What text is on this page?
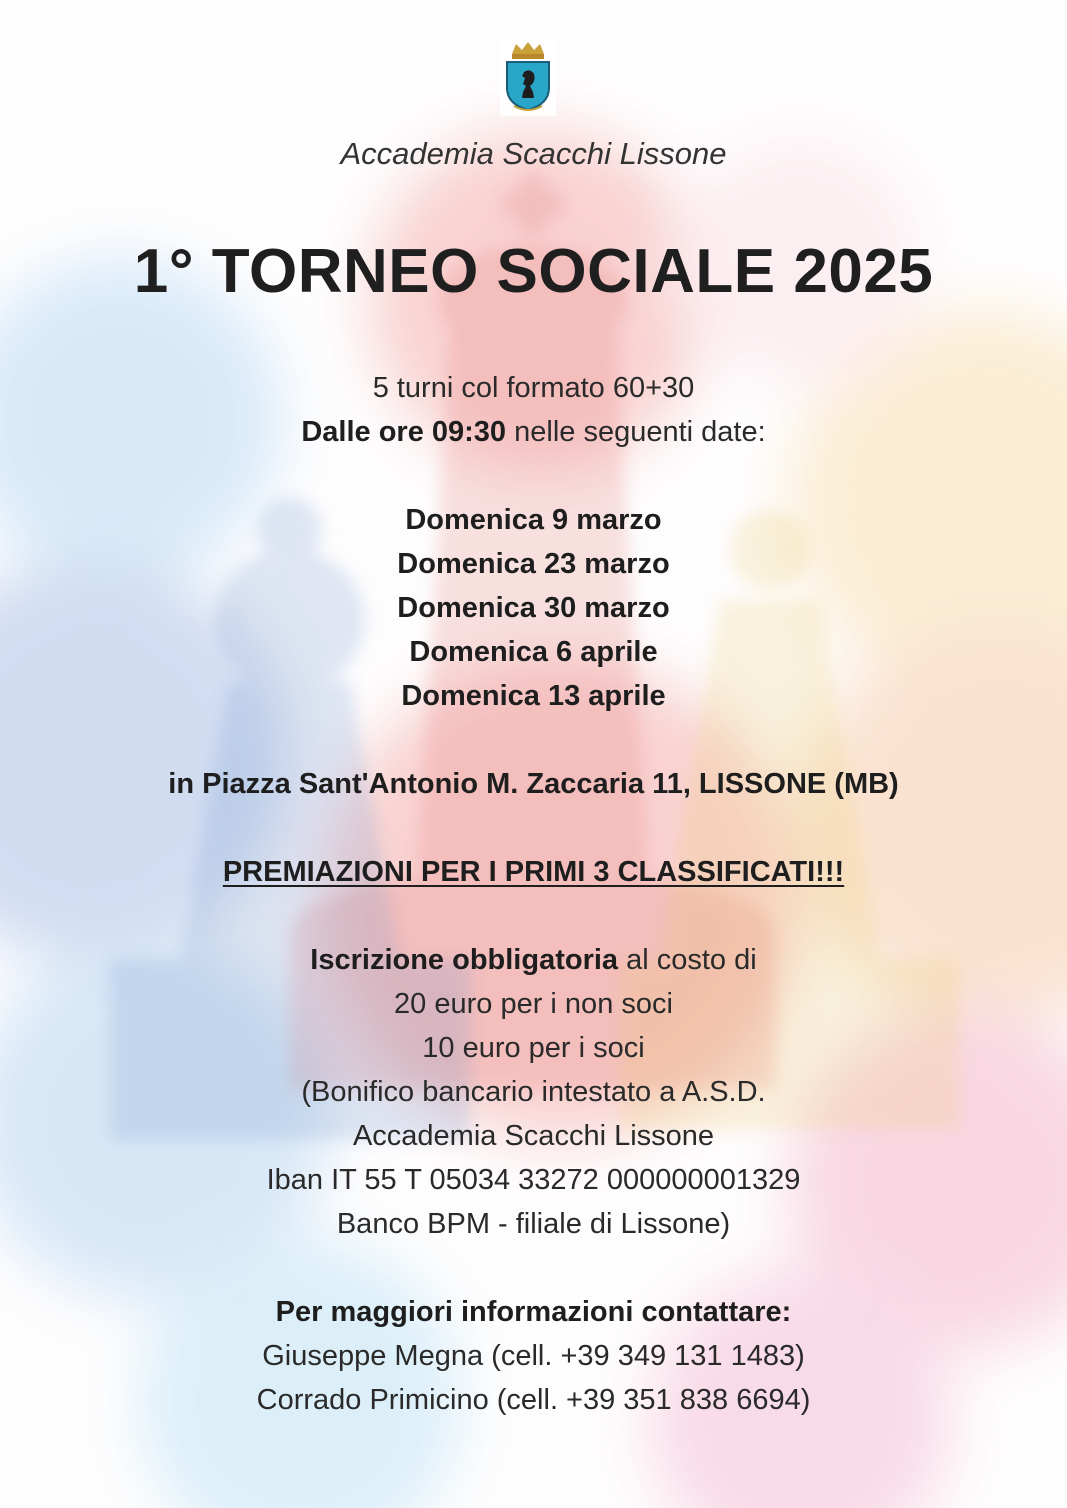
Accademia Scacchi Lissone
1° TORNEO SOCIALE 2025
5 turni col formato 60+30
Dalle ore 09:30 nelle seguenti date:
Domenica 9 marzo
Domenica 23 marzo
Domenica 30 marzo
Domenica 6 aprile
Domenica 13 aprile
in Piazza Sant'Antonio M. Zaccaria 11, LISSONE (MB)
PREMIAZIONI PER I PRIMI 3 CLASSIFICATI!!!
Iscrizione obbligatoria al costo di
20 euro per i non soci
10 euro per i soci
(Bonifico bancario intestato a A.S.D.
Accademia Scacchi Lissone
Iban IT 55 T 05034 33272 000000001329
Banco BPM - filiale di Lissone)
Per maggiori informazioni contattare:
Giuseppe Megna (cell. +39 349 131 1483)
Corrado Primicino (cell. +39 351 838 6694)
